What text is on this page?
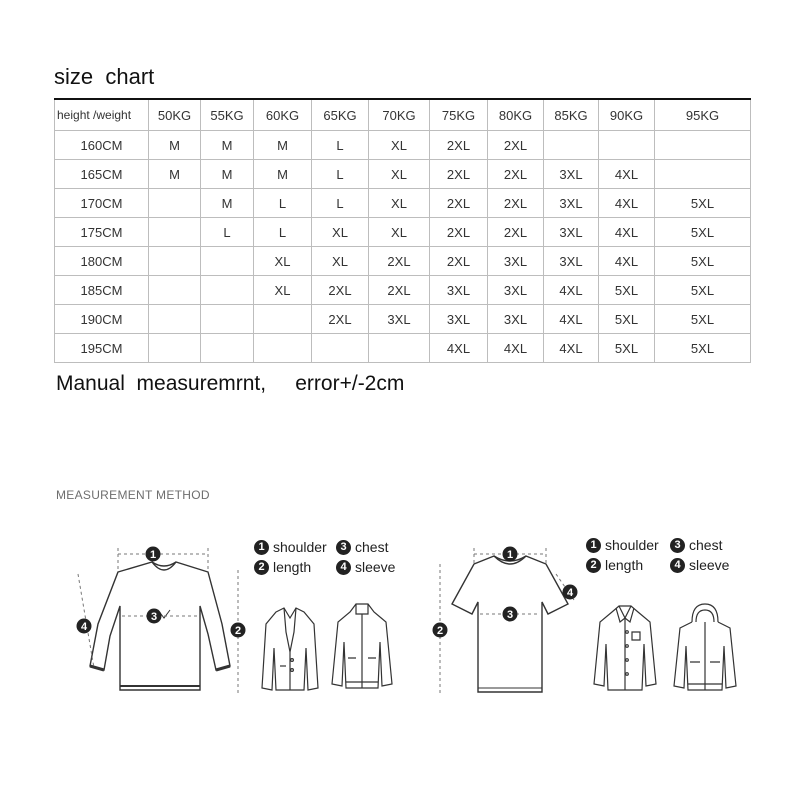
size  chart
height /weight	50KG	55KG	60KG	65KG	70KG	75KG	80KG	85KG	90KG	95KG
160CM	M	M	M	L	XL	2XL	2XL			
165CM	M	M	M	L	XL	2XL	2XL	3XL	4XL	
170CM		M	L	L	XL	2XL	2XL	3XL	4XL	5XL
175CM		L	L	XL	XL	2XL	2XL	3XL	4XL	5XL
180CM			XL	XL	2XL	2XL	3XL	3XL	4XL	5XL
185CM			XL	2XL	2XL	3XL	3XL	4XL	5XL	5XL
190CM				2XL	3XL	3XL	3XL	4XL	5XL	5XL
195CM						4XL	4XL	4XL	5XL	5XL
Manual  measuremrnt,     error+/-2cm
MEASUREMENT METHOD
1
3
2
4
1 shoulder	3 chest
2 length	4 sleeve
1
3
2
4
1 shoulder	3 chest
2 length	4 sleeve
